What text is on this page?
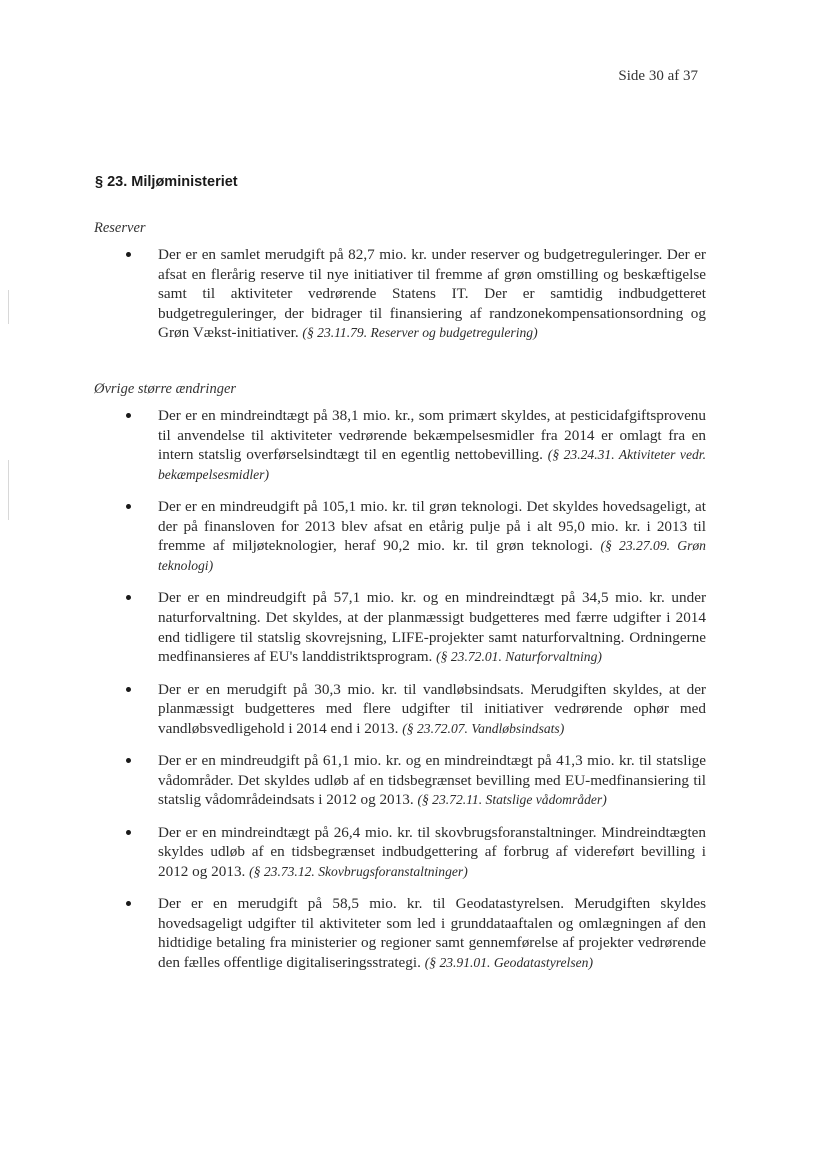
Side 30 af 37
§ 23. Miljøministeriet

Reserver

Der er en samlet merudgift på 82,7 mio. kr. under reserver og budgetreguleringer. Der er afsat en flerårig reserve til nye initiativer til fremme af grøn omstilling og beskæftigelse samt til aktiviteter vedrørende Statens IT. Der er samtidig indbudgetteret budgetreguleringer, der bidrager til finansiering af randzonekompensationsordning og Grøn Vækst-initiativer. (§ 23.11.79. Reserver og budgetregulering)

Øvrige større ændringer

Der er en mindreindtægt på 38,1 mio. kr., som primært skyldes, at pesticidafgiftsprovenu til anvendelse til aktiviteter vedrørende bekæmpelsesmidler fra 2014 er omlagt fra en intern statslig overførselsindtægt til en egentlig nettobevilling. (§ 23.24.31. Aktiviteter vedr. bekæmpelsesmidler)
Der er en mindreudgift på 105,1 mio. kr. til grøn teknologi. Det skyldes hovedsageligt, at der på finansloven for 2013 blev afsat en etårig pulje på i alt 95,0 mio. kr. i 2013 til fremme af miljøteknologier, heraf 90,2 mio. kr. til grøn teknologi. (§ 23.27.09. Grøn teknologi)
Der er en mindreudgift på 57,1 mio. kr. og en mindreindtægt på 34,5 mio. kr. under naturforvaltning. Det skyldes, at der planmæssigt budgetteres med færre udgifter i 2014 end tidligere til statslig skovrejsning, LIFE-projekter samt naturforvaltning. Ordningerne medfinansieres af EU's landdistriktsprogram. (§ 23.72.01. Naturforvaltning)
Der er en merudgift på 30,3 mio. kr. til vandløbsindsats. Merudgiften skyldes, at der planmæssigt budgetteres med flere udgifter til initiativer vedrørende ophør med vandløbsvedligehold i 2014 end i 2013. (§ 23.72.07. Vandløbsindsats)
Der er en mindreudgift på 61,1 mio. kr. og en mindreindtægt på 41,3 mio. kr. til statslige vådområder. Det skyldes udløb af en tidsbegrænset bevilling med EU-medfinansiering til statslig vådområdeindsats i 2012 og 2013. (§ 23.72.11. Statslige vådområder)
Der er en mindreindtægt på 26,4 mio. kr. til skovbrugsforanstaltninger. Mindreindtægten skyldes udløb af en tidsbegrænset indbudgettering af forbrug af videreført bevilling i 2012 og 2013. (§ 23.73.12. Skovbrugsforanstaltninger)
Der er en merudgift på 58,5 mio. kr. til Geodatastyrelsen. Merudgiften skyldes hovedsageligt udgifter til aktiviteter som led i grunddataaftalen og omlægningen af den hidtidige betaling fra ministerier og regioner samt gennemførelse af projekter vedrørende den fælles offentlige digitaliseringsstrategi. (§ 23.91.01. Geodatastyrelsen)
